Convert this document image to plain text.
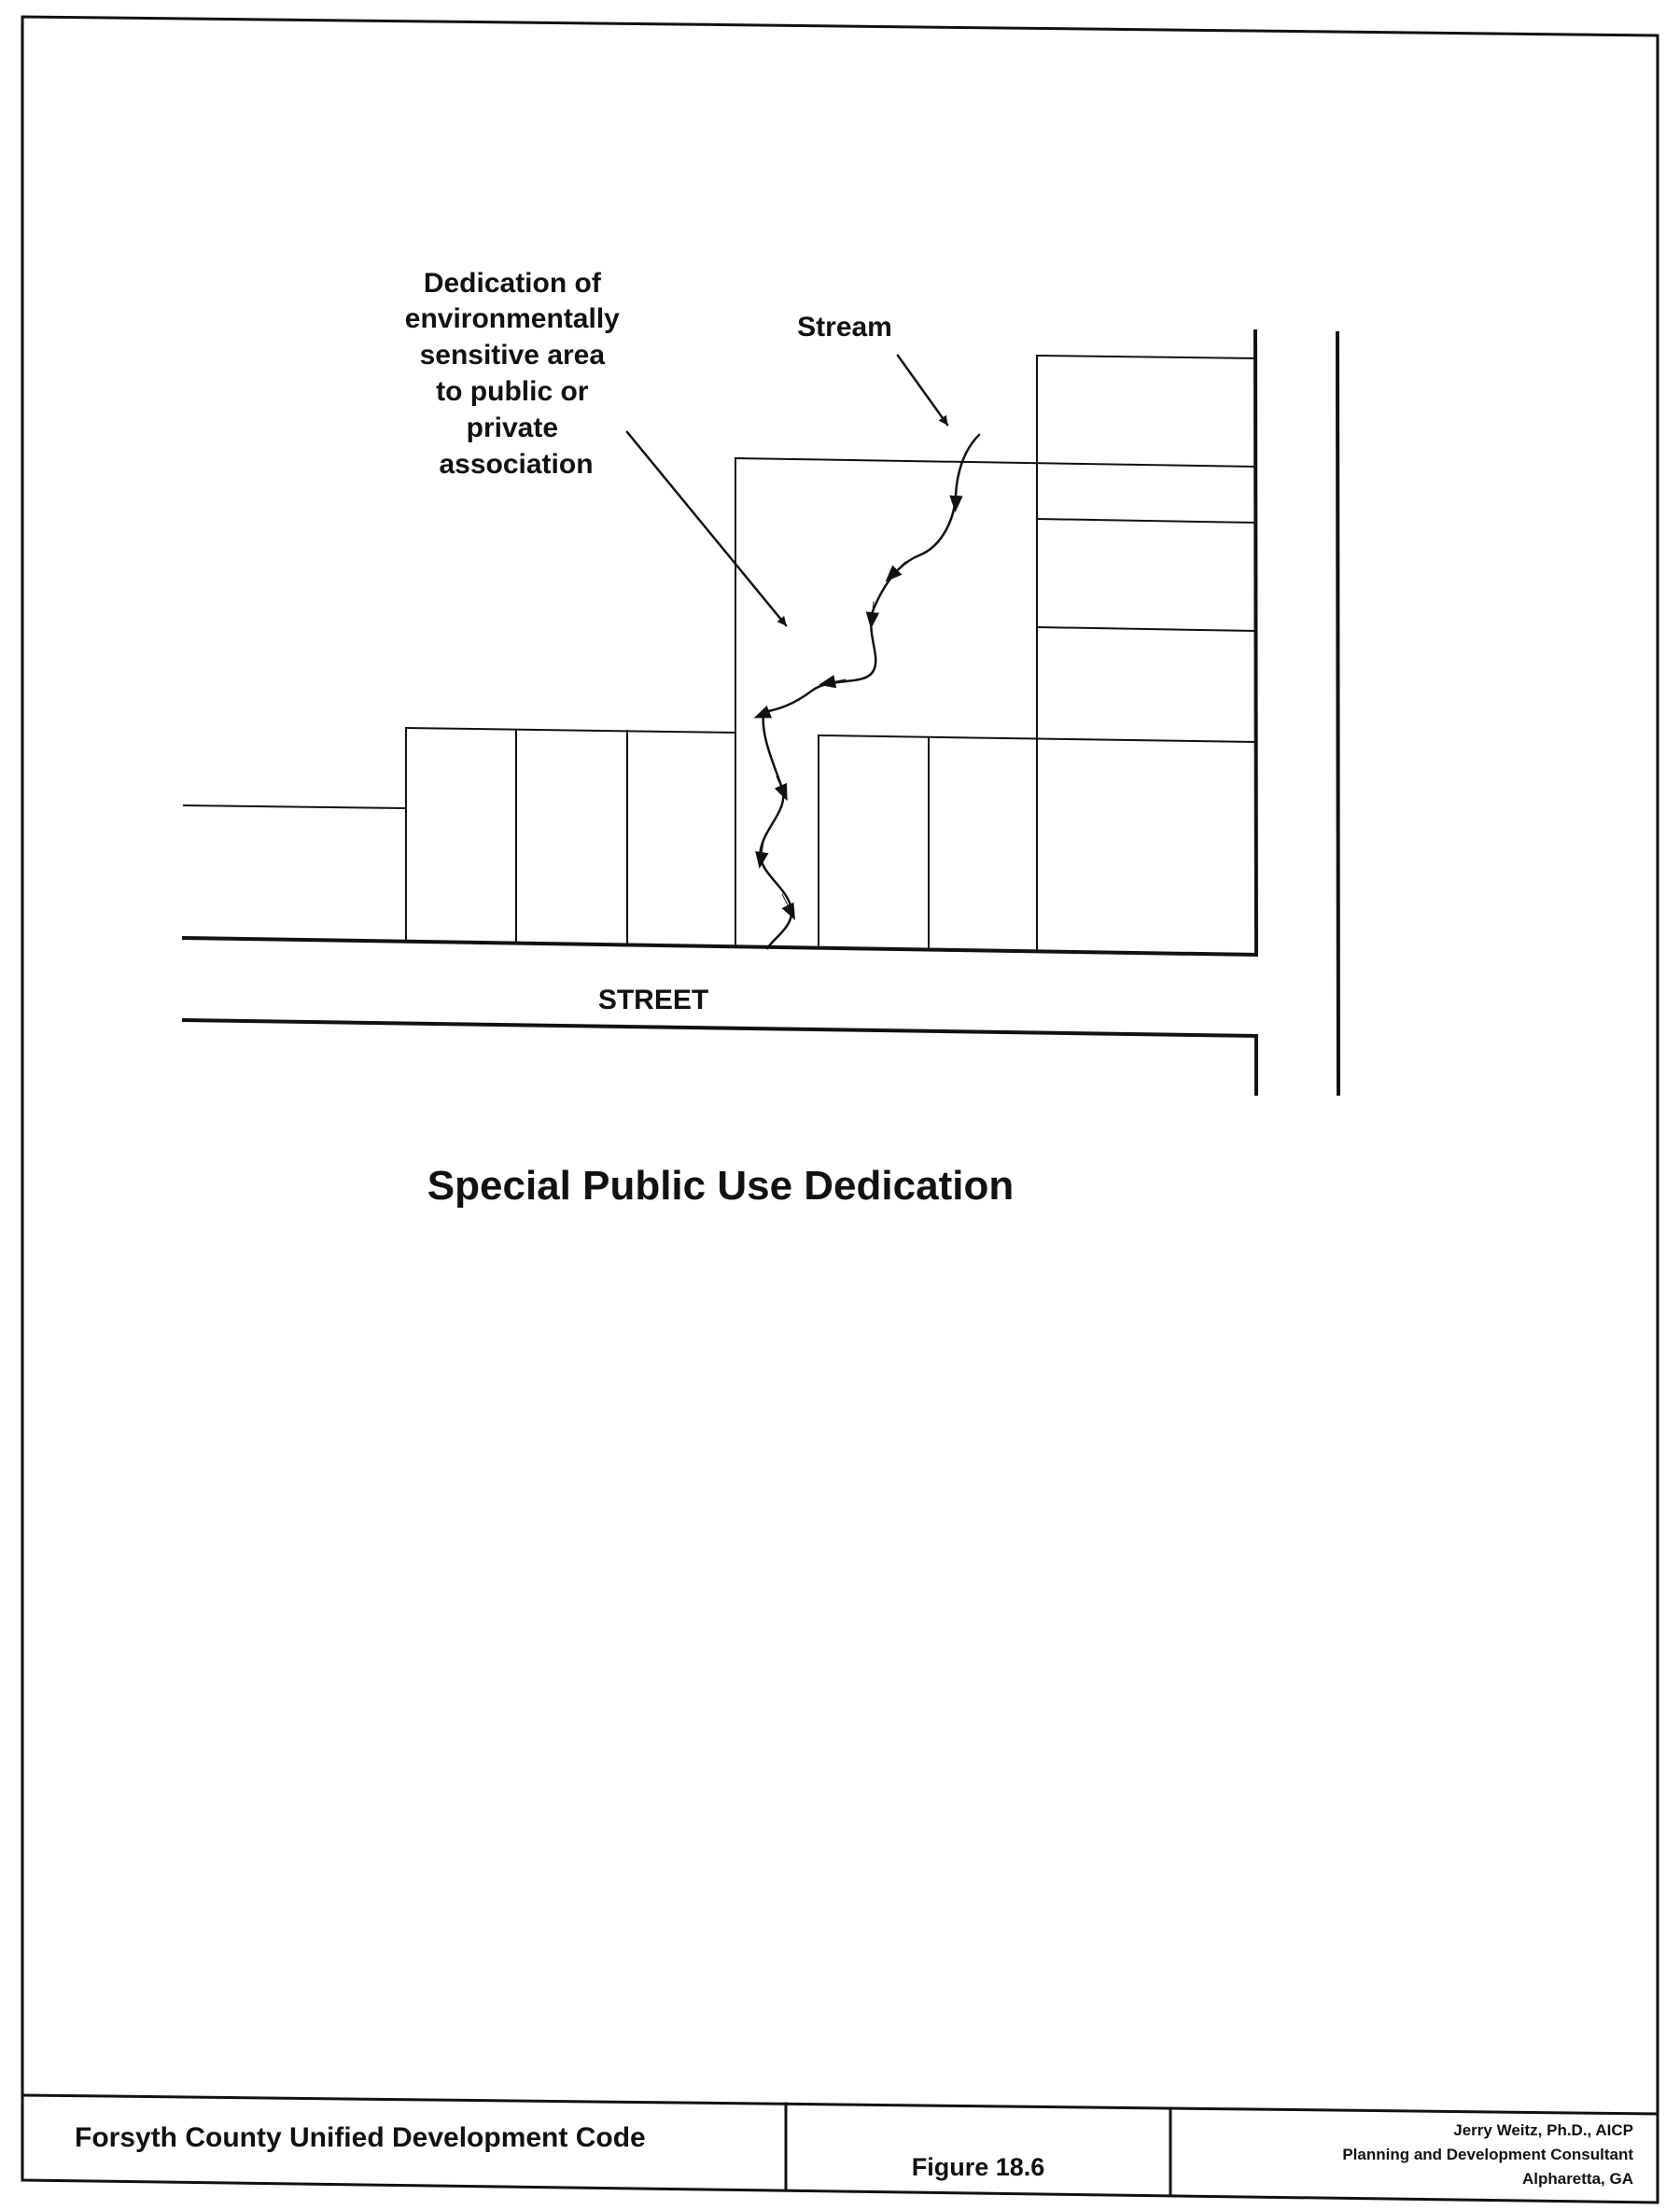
Dedication of environmentally sensitive area to public or private association
Stream
STREET
Special Public Use Dedication
Forsyth County Unified Development Code
Figure 18.6
Jerry Weitz, Ph.D., AICP
Planning and Development Consultant
Alpharetta, GA
